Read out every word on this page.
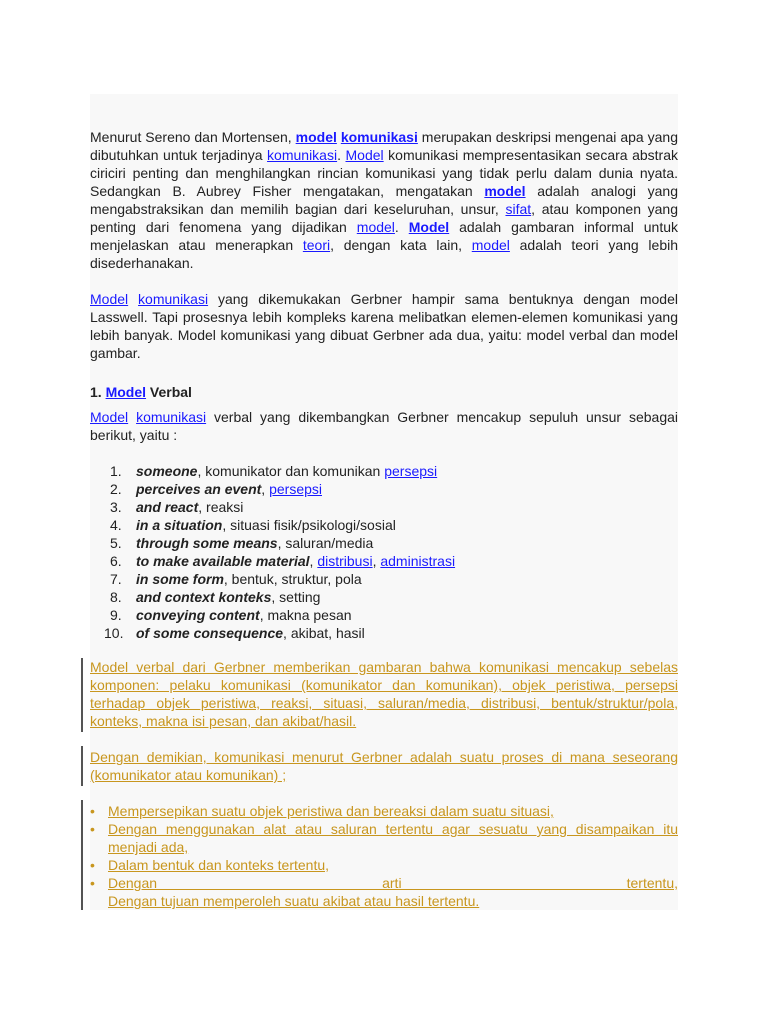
Menurut Sereno dan Mortensen, model komunikasi merupakan deskripsi mengenai apa yang dibutuhkan untuk terjadinya komunikasi. Model komunikasi mempresentasikan secara abstrak ciriciri penting dan menghilangkan rincian komunikasi yang tidak perlu dalam dunia nyata. Sedangkan B. Aubrey Fisher mengatakan, mengatakan model adalah analogi yang mengabstraksikan dan memilih bagian dari keseluruhan, unsur, sifat, atau komponen yang penting dari fenomena yang dijadikan model. Model adalah gambaran informal untuk menjelaskan atau menerapkan teori, dengan kata lain, model adalah teori yang lebih disederhanakan.

Model komunikasi yang dikemukakan Gerbner hampir sama bentuknya dengan model Lasswell. Tapi prosesnya lebih kompleks karena melibatkan elemen-elemen komunikasi yang lebih banyak. Model komunikasi yang dibuat Gerbner ada dua, yaitu: model verbal dan model gambar.

1. Model Verbal

Model komunikasi verbal yang dikembangkan Gerbner mencakup sepuluh unsur sebagai berikut, yaitu :

1.	someone, komunikator dan komunikan persepsi
2.	perceives an event, persepsi
3.	and react, reaksi
4.	in a situation, situasi fisik/psikologi/sosial
5.	through some means, saluran/media
6.	to make available material, distribusi, administrasi
7.	in some form, bentuk, struktur, pola
8.	and context konteks, setting
9.	conveying content, makna pesan
10. of some consequence, akibat, hasil

Model verbal dari Gerbner memberikan gambaran bahwa komunikasi mencakup sebelas komponen: pelaku komunikasi (komunikator dan komunikan), objek peristiwa, persepsi terhadap objek peristiwa, reaksi, situasi, saluran/media, distribusi, bentuk/struktur/pola, konteks, makna isi pesan, dan akibat/hasil.

Dengan demikian, komunikasi menurut Gerbner adalah suatu proses di mana seseorang (komunikator atau komunikan) ;

• Mempersepikan suatu objek peristiwa dan bereaksi dalam suatu situasi,
• Dengan menggunakan alat atau saluran tertentu agar sesuatu yang disampaikan itu menjadi ada,
• Dalam bentuk dan konteks tertentu,
• Dengan arti tertentu,
Dengan tujuan memperoleh suatu akibat atau hasil tertentu.
